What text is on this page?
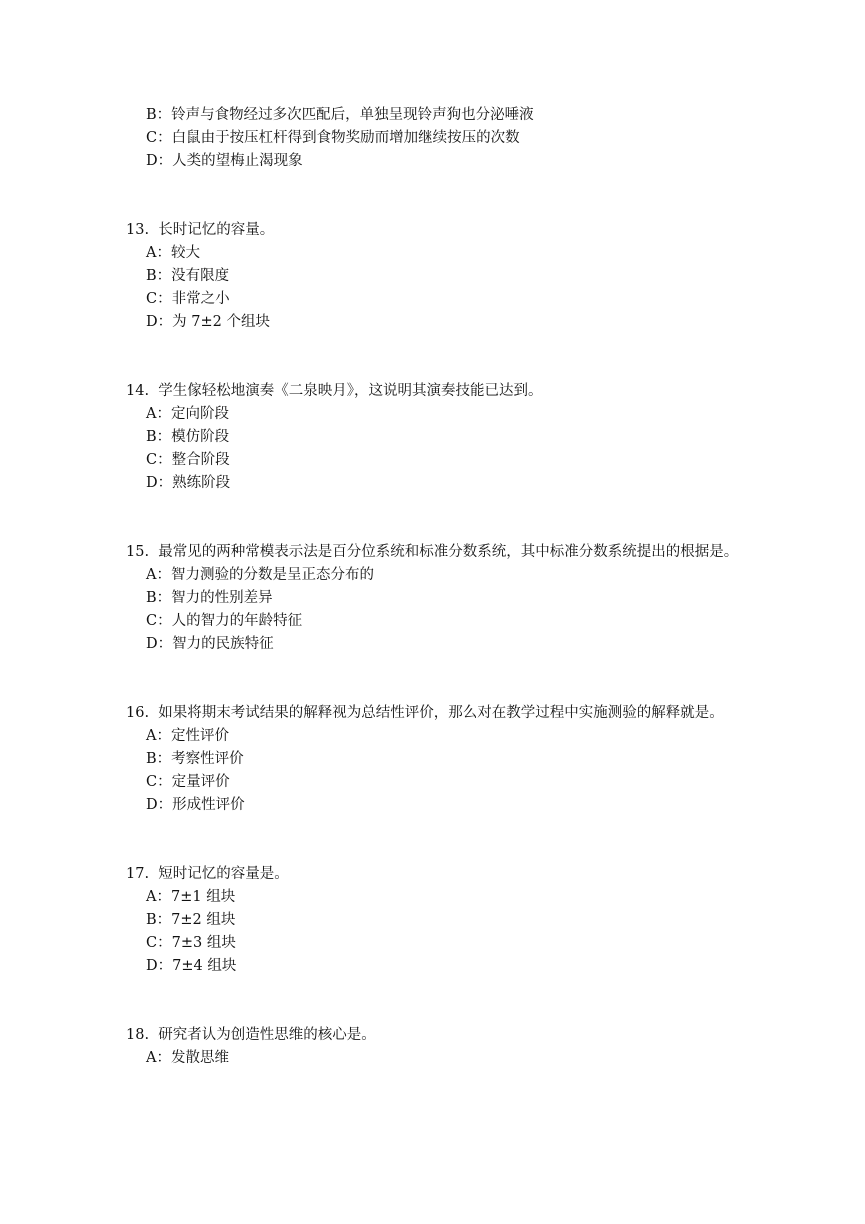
B：铃声与食物经过多次匹配后，单独呈现铃声狗也分泌唾液
C：白鼠由于按压杠杆得到食物奖励而增加继续按压的次数
D：人类的望梅止渴现象

13. 长时记忆的容量。

A：较大
B：没有限度
C：非常之小
D：为 7±2 个组块

14. 学生傢轻松地演奏《二泉映月》，这说明其演奏技能已达到。

A：定向阶段
B：模仿阶段
C：整合阶段
D：熟练阶段

15. 最常见的两种常模表示法是百分位系统和标准分数系统，其中标准分数系统提出的根据是。

A：智力测验的分数是呈正态分布的
B：智力的性别差异
C：人的智力的年龄特征
D：智力的民族特征

16. 如果将期末考试结果的解释视为总结性评价，那么对在教学过程中实施测验的解释就是。

A：定性评价
B：考察性评价
C：定量评价
D：形成性评价

17. 短时记忆的容量是。

A：7±1 组块
B：7±2 组块
C：7±3 组块
D：7±4 组块

18. 研究者认为创造性思维的核心是。

A：发散思维
